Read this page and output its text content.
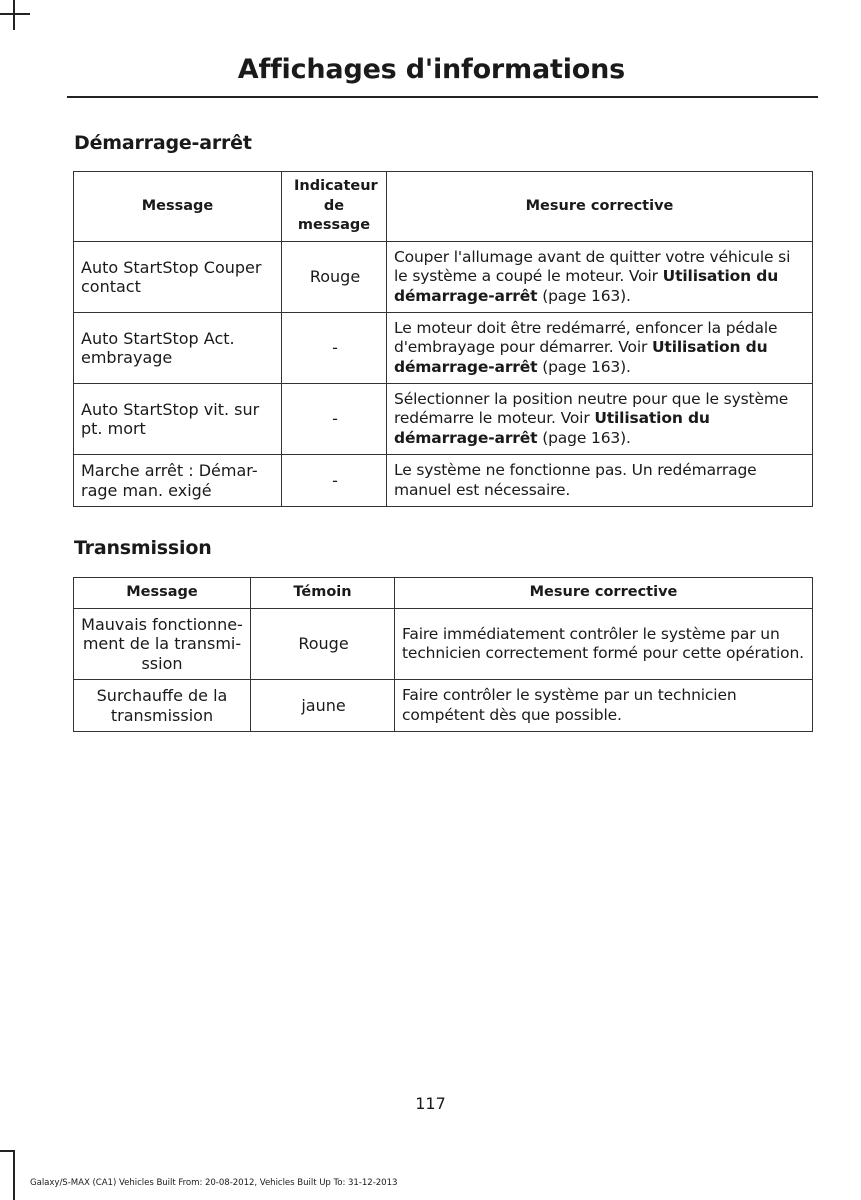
Affichages d'informations
Démarrage-arrêt
Message	Indicateur de message	Mesure corrective
Auto StartStop Couper contact	Rouge	Couper l'allumage avant de quitter votre véhicule si le système a coupé le moteur. Voir Utilisation du démarrage-arrêt (page 163).
Auto StartStop Act. embrayage	-	Le moteur doit être redémarré, enfoncer la pédale d'embrayage pour démarrer. Voir Utilisation du démarrage-arrêt (page 163).
Auto StartStop vit. sur pt. mort	-	Sélectionner la position neutre pour que le système redémarre le moteur. Voir Utilisation du démarrage-arrêt (page 163).
Marche arrêt : Démar-rage man. exigé	-	Le système ne fonctionne pas. Un redémarrage manuel est nécessaire.
Transmission
Message	Témoin	Mesure corrective
Mauvais fonctionne-ment de la transmi-ssion	Rouge	Faire immédiatement contrôler le système par un technicien correctement formé pour cette opération.
Surchauffe de la transmission	jaune	Faire contrôler le système par un technicien compétent dès que possible.
117
Galaxy/S-MAX (CA1) Vehicles Built From: 20-08-2012, Vehicles Built Up To: 31-12-2013
